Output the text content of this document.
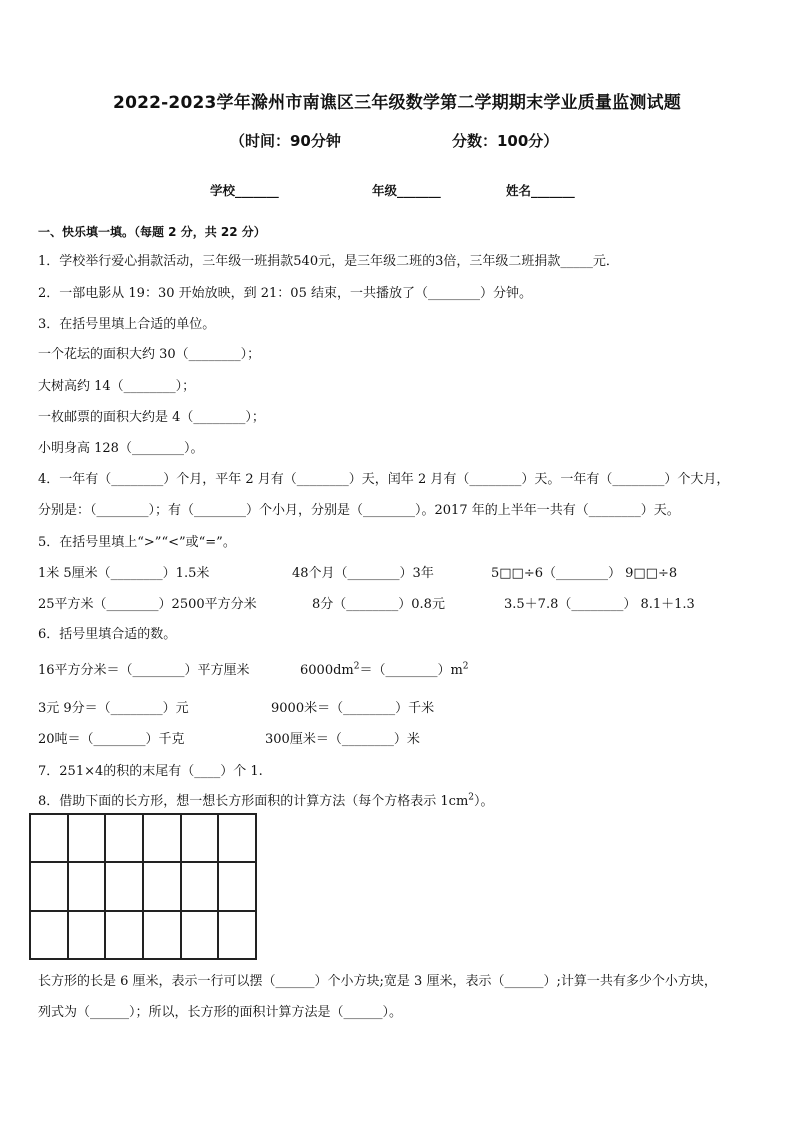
2022-2023学年滁州市南谯区三年级数学第二学期期末学业质量监测试题
（时间：90分钟	分数：100分）
学校_______	年级_______	姓名_______
一、快乐填一填。（每题 2 分，共 22 分）
1．学校举行爱心捐款活动，三年级一班捐款540元，是三年级二班的3倍，三年级二班捐款_____元．
2．一部电影从 19：30 开始放映，到 21：05 结束，一共播放了（________）分钟。
3．在括号里填上合适的单位。
一个花坛的面积大约 30（________）；
大树高约 14（________）；
一枚邮票的面积大约是 4（________）；
小明身高 128（________）。
4．一年有（________）个月，平年 2 月有（________）天，闰年 2 月有（________）天。一年有（________）个大月，
分别是：（________）；有（________）个小月，分别是（________）。2017 年的上半年一共有（________）天。
5．在括号里填上“>”“<”或“=”。
1米 5厘米（________）1.5米	48个月（________）3年	5□□÷6（________） 9□□÷8
25平方米（________）2500平方分米	8分（________）0.8元	3.5＋7.8（________） 8.1＋1.3
6．括号里填合适的数。
16平方分米＝（________）平方厘米	$6000dm^2=(\_\_\_\_\_\_\_\_)m^2$
3元 9分＝（________）元	9000米＝（________）千米
20吨＝（________）千克	300厘米＝（________）米
7．251×4的积的末尾有（____）个 1.
8．借助下面的长方形，想一想长方形面积的计算方法（每个方格表示 $1cm^2$）。
长方形的长是 6 厘米，表示一行可以摆（______）个小方块;宽是 3 厘米，表示（______）;计算一共有多少个小方块，
列式为（______）；所以，长方形的面积计算方法是（______）。
